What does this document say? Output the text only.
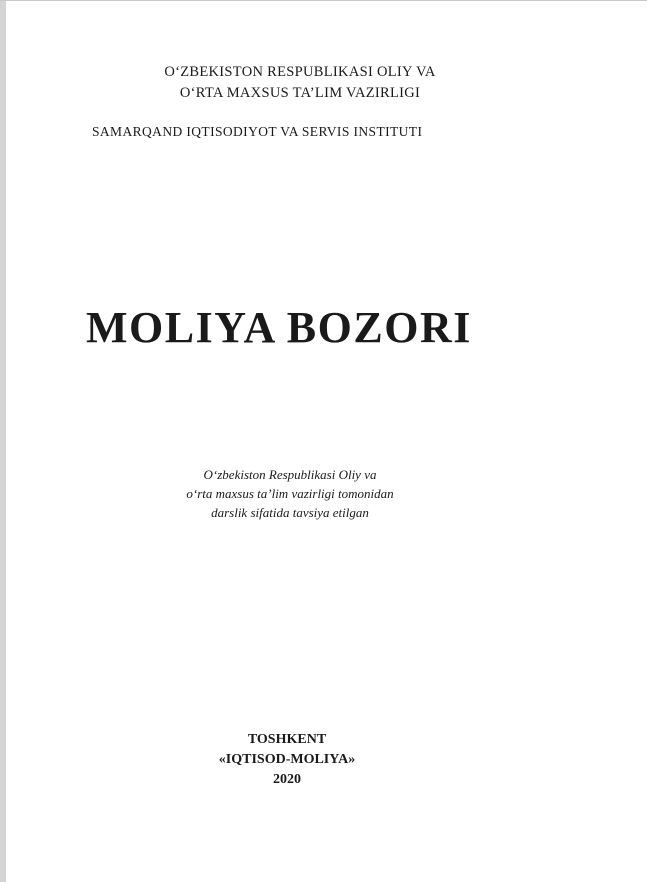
O‘ZBEKISTON RESPUBLIKASI OLIY VA
O‘RTA MAXSUS TA’LIM VAZIRLIGI
SAMARQAND IQTISODIYOT VA SERVIS INSTITUTI
MOLIYA BOZORI
O‘zbekiston Respublikasi Oliy va
o‘rta maxsus ta’lim vazirligi tomonidan
darslik sifatida tavsiya etilgan
TOSHKENT
«IQTISOD-MOLIYA»
2020
